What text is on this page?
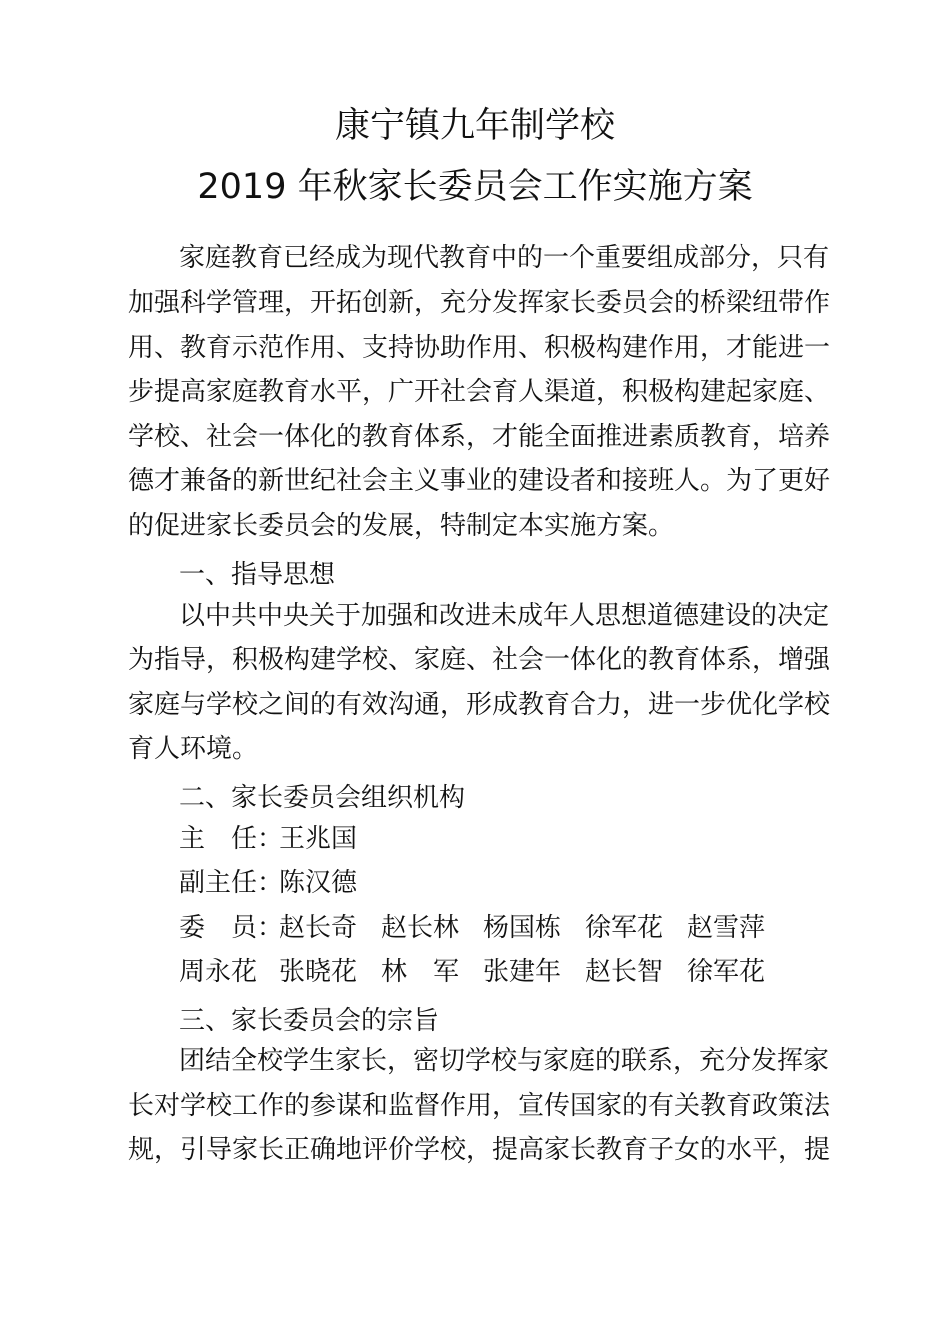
康宁镇九年制学校
2019 年秋家长委员会工作实施方案
家庭教育已经成为现代教育中的一个重要组成部分，只有
加强科学管理，开拓创新，充分发挥家长委员会的桥梁纽带作
用、教育示范作用、支持协助作用、积极构建作用，才能进一
步提高家庭教育水平，广开社会育人渠道，积极构建起家庭、
学校、社会一体化的教育体系，才能全面推进素质教育，培养
德才兼备的新世纪社会主义事业的建设者和接班人。为了更好
的促进家长委员会的发展，特制定本实施方案。
一、指导思想
以中共中央关于加强和改进未成年人思想道德建设的决定
为指导，积极构建学校、家庭、社会一体化的教育体系，增强
家庭与学校之间的有效沟通，形成教育合力，进一步优化学校
育人环境。
二、家长委员会组织机构
主　任：
王兆国
副主任：
陈汉德
委　员：
赵长奇 赵长林 杨国栋 徐军花 赵雪萍
周永花 张晓花 林　军 张建年 赵长智 徐军花
三、家长委员会的宗旨
团结全校学生家长，密切学校与家庭的联系，充分发挥家
长对学校工作的参谋和监督作用，宣传国家的有关教育政策法
规，引导家长正确地评价学校，提高家长教育子女的水平，提
